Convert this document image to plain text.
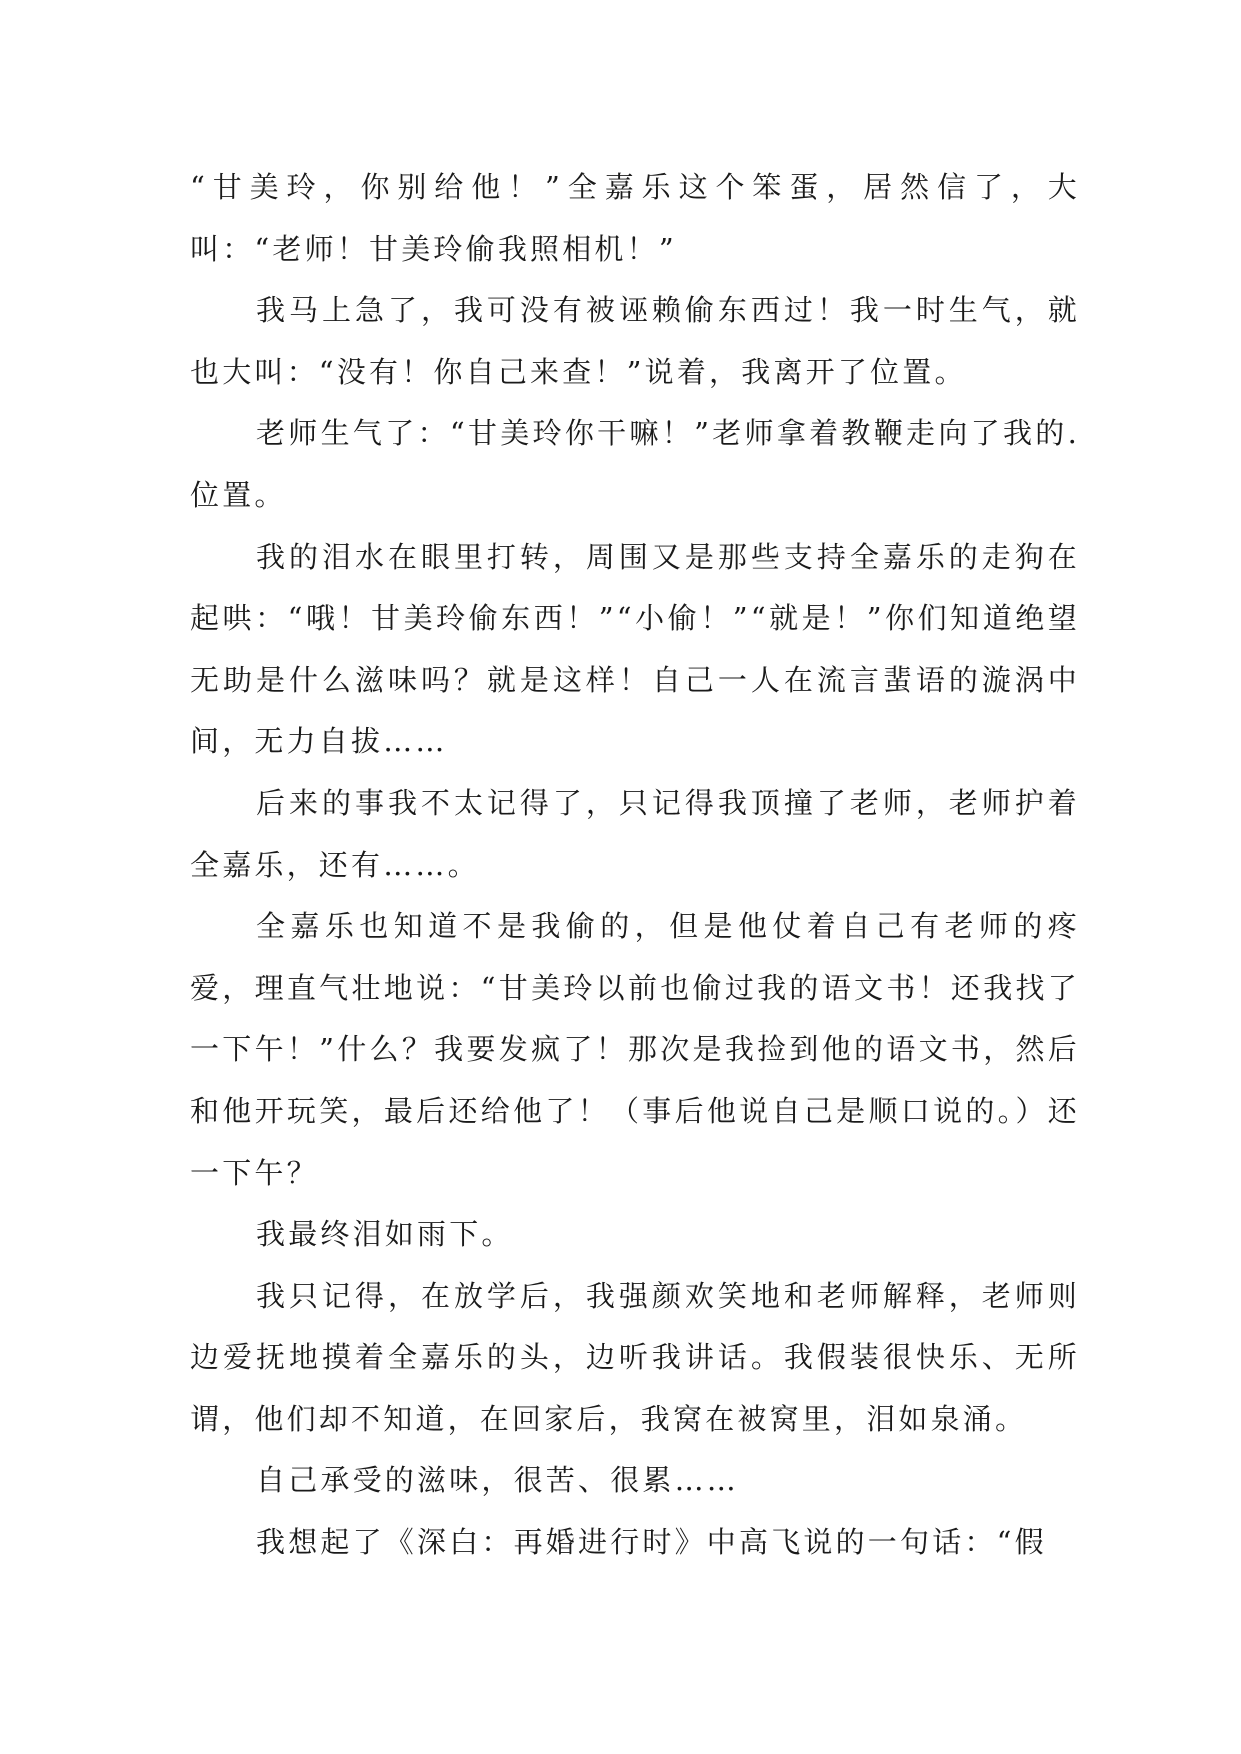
“甘美玲，你别给他！”全嘉乐这个笨蛋，居然信了，大叫：“老师！甘美玲偷我照相机！”

我马上急了，我可没有被诬赖偷东西过！我一时生气，就也大叫：“没有！你自己来查！”说着，我离开了位置。

老师生气了：“甘美玲你干嘛！”老师拿着教鞭走向了我的.位置。

我的泪水在眼里打转，周围又是那些支持全嘉乐的走狗在起哄：“哦！甘美玲偷东西！”“小偷！”“就是！”你们知道绝望无助是什么滋味吗？就是这样！自己一人在流言蜚语的漩涡中间，无力自拔……

后来的事我不太记得了，只记得我顶撞了老师，老师护着全嘉乐，还有……。

全嘉乐也知道不是我偷的，但是他仗着自己有老师的疼爱，理直气壮地说：“甘美玲以前也偷过我的语文书！还我找了一下午！”什么？我要发疯了！那次是我捡到他的语文书，然后和他开玩笑，最后还给他了！（事后他说自己是顺口说的。）还一下午？

我最终泪如雨下。

我只记得，在放学后，我强颜欢笑地和老师解释，老师则边爱抚地摸着全嘉乐的头，边听我讲话。我假装很快乐、无所谓，他们却不知道，在回家后，我窝在被窝里，泪如泉涌。

自己承受的滋味，很苦、很累……

我想起了《深白：再婚进行时》中高飞说的一句话：“假
